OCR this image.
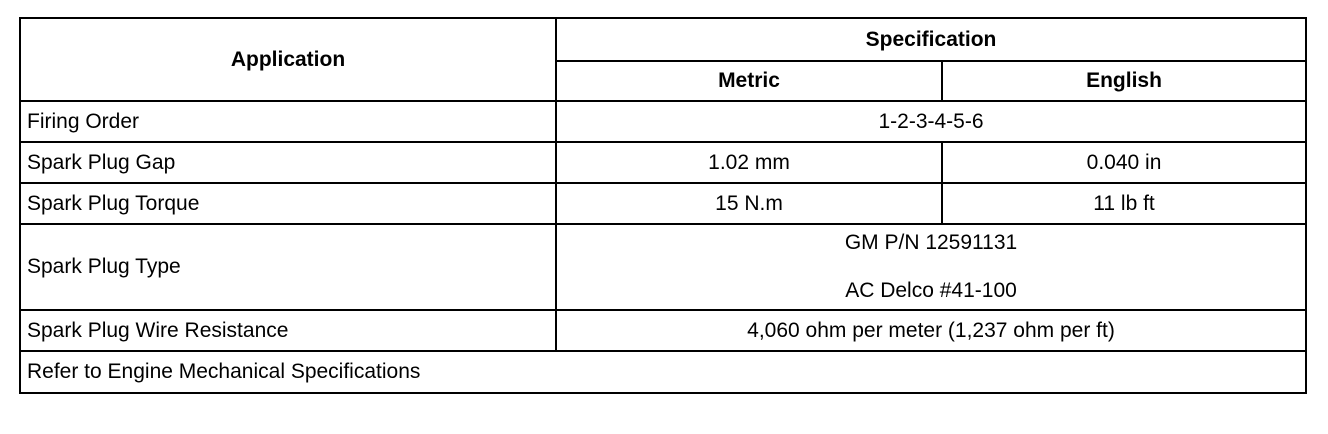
Application	Specification	
	Metric	English
Firing Order	1-2-3-4-5-6	
Spark Plug Gap	1.02 mm	0.040 in
Spark Plug Torque	15 N.m	11 lb ft
Spark Plug Type	GM P/N 12591131
AC Delco #41-100	

Spark Plug Wire Resistance	4,060 ohm per meter (1,237 ohm per ft)	
Refer to Engine Mechanical Specifications		
